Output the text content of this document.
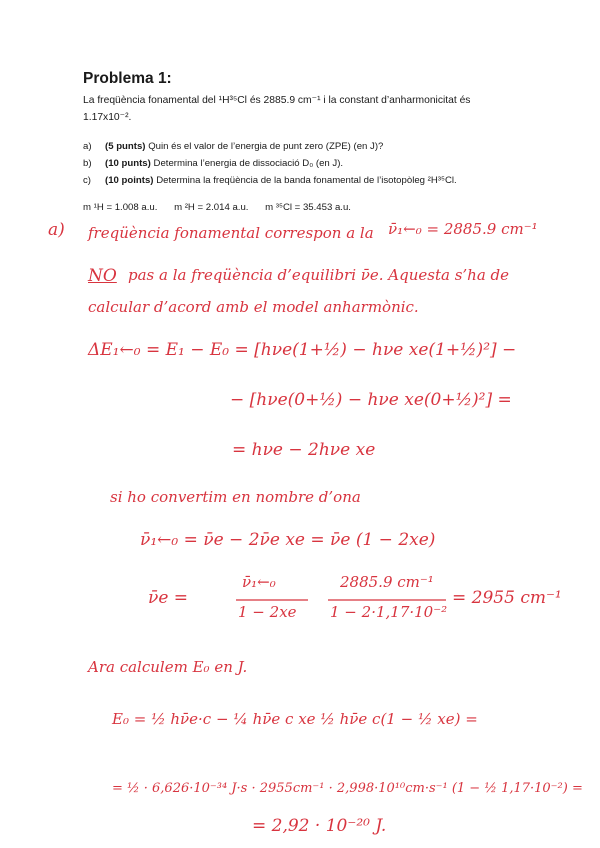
Problema 1:

La freqüència fonamental del ¹H³⁵Cl és 2885.9 cm⁻¹ i la constant d’anharmonicitat és

1.17x10⁻².

a)	(5 punts) Quin és el valor de l’energia de punt zero (ZPE) (en J)?
b)	(10 punts) Determina l’energia de dissociació D₀ (en J).
c)	(10 points) Determina la freqüència de la banda fonamental de l’isotopòleg ²H³⁵Cl.
m ¹H = 1.008 a.u. m ²H = 2.014 a.u. m ³⁵Cl = 35.453 a.u.
a) freqüència fonamental correspon a la ν̄₁←₀ = 2885.9 cm⁻¹
NO pas a la freqüència d’equilibri ν̄e. Aquesta s’ha de
calcular d’acord amb el model anharmònic.
ΔE₁←₀ = E₁ − E₀ = [hνe(1+½) − hνe xe(1+½)²] −
− [hνe(0+½) − hνe xe(0+½)²] =
= hνe − 2hνe xe
si ho convertim en nombre d’ona
ν̄₁←₀ = ν̄e − 2ν̄e xe = ν̄e (1 − 2xe)
ν̄e =
ν̄₁←₀
1 − 2xe
2885.9 cm⁻¹
1 − 2·1,17·10⁻²
= 2955 cm⁻¹
Ara calculem E₀ en J.
E₀ = ½ hν̄e·c − ¼ hν̄e c xe ½ hν̄e c(1 − ½ xe) =
= ½ · 6,626·10⁻³⁴ J·s · 2955cm⁻¹ · 2,998·10¹⁰cm·s⁻¹ (1 − ½ 1,17·10⁻²) =
= 2,92 · 10⁻²⁰ J.
